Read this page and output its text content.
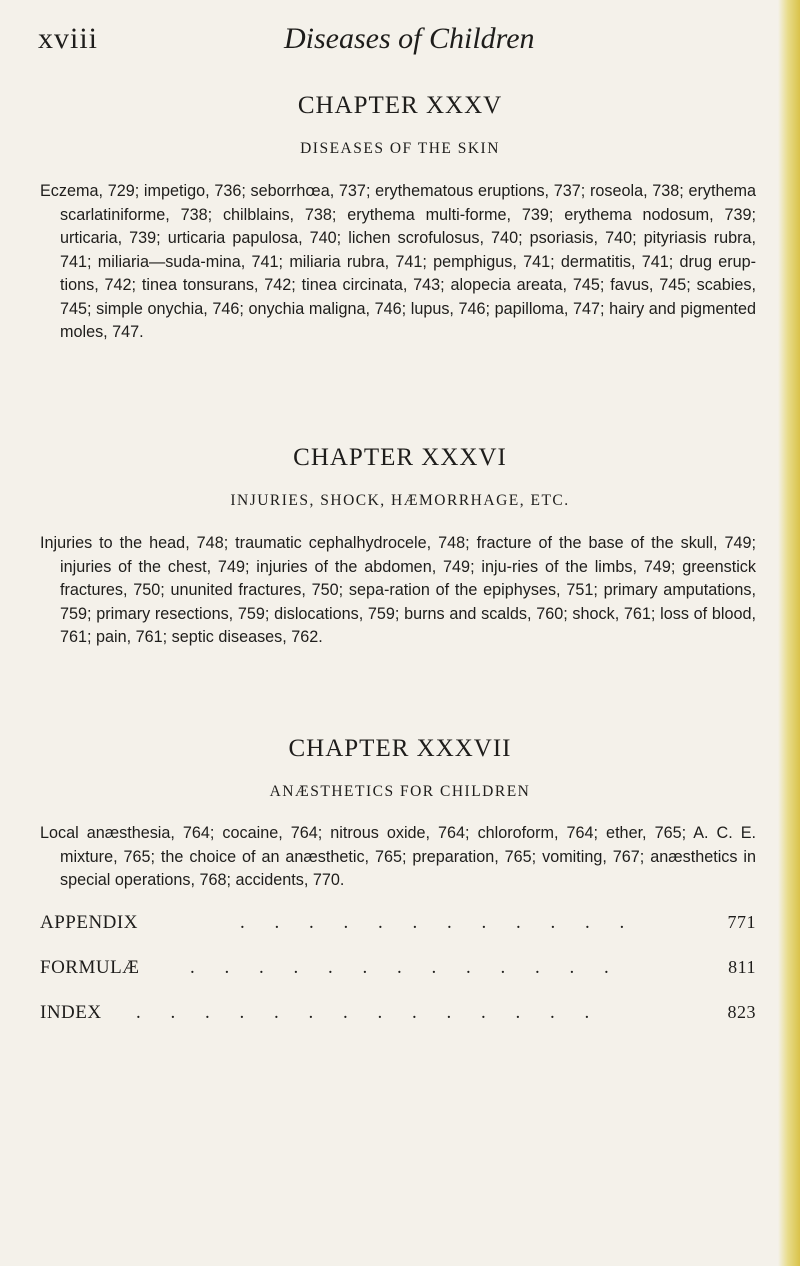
xviii	Diseases of Children
CHAPTER XXXV
DISEASES OF THE SKIN
Eczema, 729; impetigo, 736; seborrhœa, 737; erythematous eruptions, 737; roseola, 738; erythema scarlatiniforme, 738; chilblains, 738; erythema multi-forme, 739; erythema nodosum, 739; urticaria, 739; urticaria papulosa, 740; lichen scrofulosus, 740; psoriasis, 740; pityriasis rubra, 741; miliaria—suda-mina, 741; miliaria rubra, 741; pemphigus, 741; dermatitis, 741; drug erup-tions, 742; tinea tonsurans, 742; tinea circinata, 743; alopecia areata, 745; favus, 745; scabies, 745; simple onychia, 746; onychia maligna, 746; lupus, 746; papilloma, 747; hairy and pigmented moles, 747.
CHAPTER XXXVI
INJURIES, SHOCK, HÆMORRHAGE, ETC.
Injuries to the head, 748; traumatic cephalhydrocele, 748; fracture of the base of the skull, 749; injuries of the chest, 749; injuries of the abdomen, 749; inju-ries of the limbs, 749; greenstick fractures, 750; ununited fractures, 750; sepa-ration of the epiphyses, 751; primary amputations, 759; primary resections, 759; dislocations, 759; burns and scalds, 760; shock, 761; loss of blood, 761; pain, 761; septic diseases, 762.
CHAPTER XXXVII
ANÆSTHETICS FOR CHILDREN
Local anæsthesia, 764; cocaine, 764; nitrous oxide, 764; chloroform, 764; ether, 765; A. C. E. mixture, 765; the choice of an anæsthetic, 765; preparation, 765; vomiting, 767; anæsthetics in special operations, 768; accidents, 770.
APPENDIX	. . . . . . . . . . . .	771
FORMULÆ	. . . . . . . . . . . . .	811
INDEX . . . . . . . . . . . . . .	823
